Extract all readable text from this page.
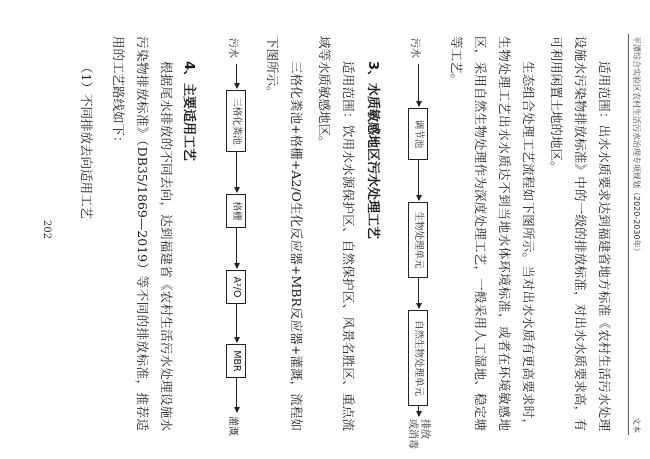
平潭综合实验区农村生活污水治理专项规划（2020-2030年）
文本

适用范围：出水水质要求达到福建省地方标准《农村生活污水处理设施水污染物排放标准》中的一级的排放标准，对出水水质要求高，有可利用闲置土地的地区。

生态组合处理工艺流程如下图所示。当对出水水质有更高要求时，生物处理工艺出水水质达不到当地水体环境标准，或者在环境敏感地区，采用自然生物处理作为深度处理工艺，一般采用人工湿地、稳定塘等工艺。

污水
调节池
生物处理单元
自然生物处理单元
排放
或消毒
3、水质敏感地区污水处理工艺

适用范围：饮用水水源保护区、自然保护区、风景名胜区、重点流域等水质敏感地区。

三格化粪池+格栅+A2/O生化反应器+MBR反应器+灌溉，流程如下图所示。

污水
三格化粪池
格栅
A²/O
MBR
灌溉
4、主要适用工艺

根据尾水排放的不同去向，达到福建省《农村生活污水处理设施水污染物排放标准》（DB35/1869—2019）等不同的排放标准，推荐适用的工艺路线如下：

（1）不同排放去向适用工艺
202
